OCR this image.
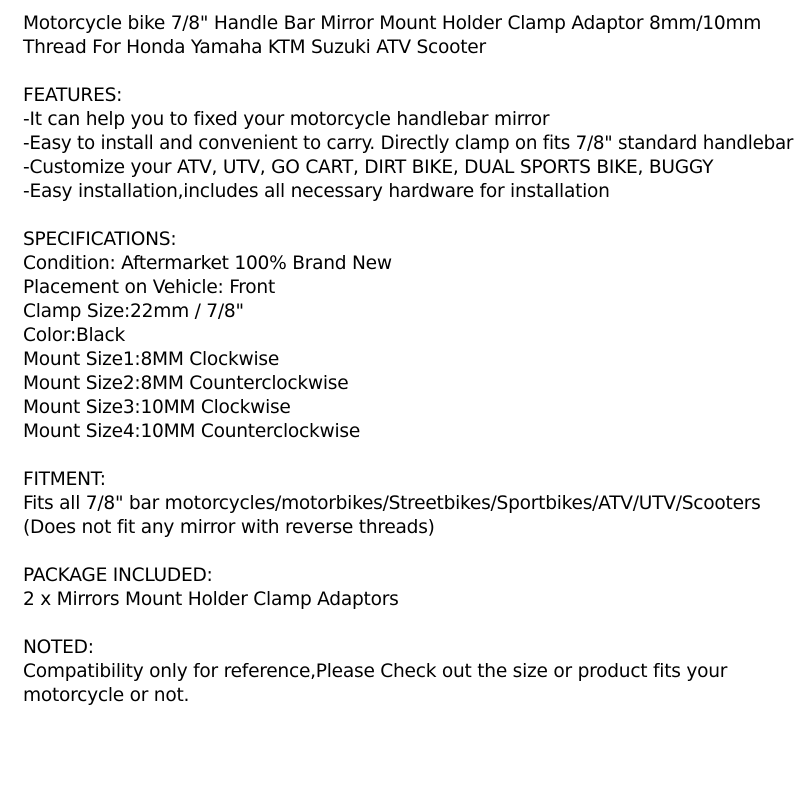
Motorcycle bike 7/8" Handle Bar Mirror Mount Holder Clamp Adaptor 8mm/10mm
Thread For Honda Yamaha KTM Suzuki ATV Scooter
FEATURES:
-It can help you to fixed your motorcycle handlebar mirror
-Easy to install and convenient to carry. Directly clamp on fits 7/8" standard handlebar
-Customize your ATV, UTV, GO CART, DIRT BIKE, DUAL SPORTS BIKE, BUGGY
-Easy installation,includes all necessary hardware for installation
SPECIFICATIONS:
Condition: Aftermarket 100% Brand New
Placement on Vehicle: Front
Clamp Size:22mm / 7/8"
Color:Black
Mount Size1:8MM Clockwise
Mount Size2:8MM Counterclockwise
Mount Size3:10MM Clockwise
Mount Size4:10MM Counterclockwise
FITMENT:
Fits all 7/8" bar motorcycles/motorbikes/Streetbikes/Sportbikes/ATV/UTV/Scooters
(Does not fit any mirror with reverse threads)
PACKAGE INCLUDED:
2 x Mirrors Mount Holder Clamp Adaptors
NOTED:
Compatibility only for reference,Please Check out the size or product fits your
motorcycle or not.
